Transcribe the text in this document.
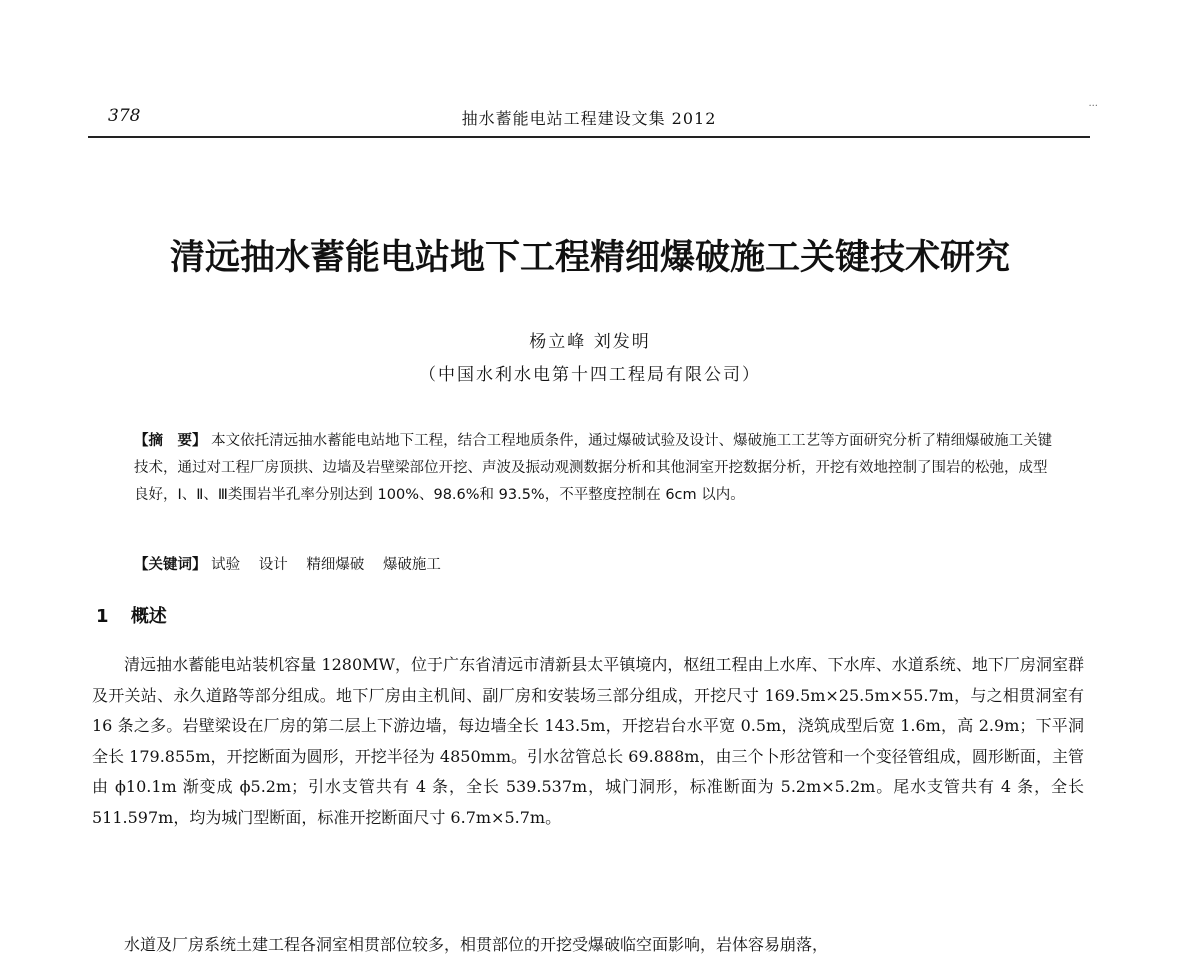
378	抽水蓄能电站工程建设文集 2012
...
清远抽水蓄能电站地下工程精细爆破施工关键技术研究
杨立峰 刘发明
（中国水利水电第十四工程局有限公司）
【摘　要】 本文依托清远抽水蓄能电站地下工程，结合工程地质条件，通过爆破试验及设计、爆破施工工艺等方面研究分析了精细爆破施工关键技术，通过对工程厂房顶拱、边墙及岩壁梁部位开挖、声波及振动观测数据分析和其他洞室开挖数据分析，开挖有效地控制了围岩的松弛，成型良好，Ⅰ、Ⅱ、Ⅲ类围岩半孔率分别达到 100%、98.6%和 93.5%，不平整度控制在 6cm 以内。
【关键词】 试验 设计 精细爆破 爆破施工
1 概述

清远抽水蓄能电站装机容量 1280MW，位于广东省清远市清新县太平镇境内，枢纽工程由上水库、下水库、水道系统、地下厂房洞室群及开关站、永久道路等部分组成。地下厂房由主机间、副厂房和安装场三部分组成，开挖尺寸 169.5m×25.5m×55.7m，与之相贯洞室有 16 条之多。岩壁梁设在厂房的第二层上下游边墙，每边墙全长 143.5m，开挖岩台水平宽 0.5m，浇筑成型后宽 1.6m，高 2.9m；下平洞全长 179.855m，开挖断面为圆形，开挖半径为 4850mm。引水岔管总长 69.888m，由三个卜形岔管和一个变径管组成，圆形断面，主管由 ϕ10.1m 渐变成 ϕ5.2m；引水支管共有 4 条，全长 539.537m，城门洞形，标准断面为 5.2m×5.2m。尾水支管共有 4 条，全长 511.597m，均为城门型断面，标准开挖断面尺寸 6.7m×5.7m。

水道及厂房系统土建工程各洞室相贯部位较多，相贯部位的开挖受爆破临空面影响，岩体容易崩落，
